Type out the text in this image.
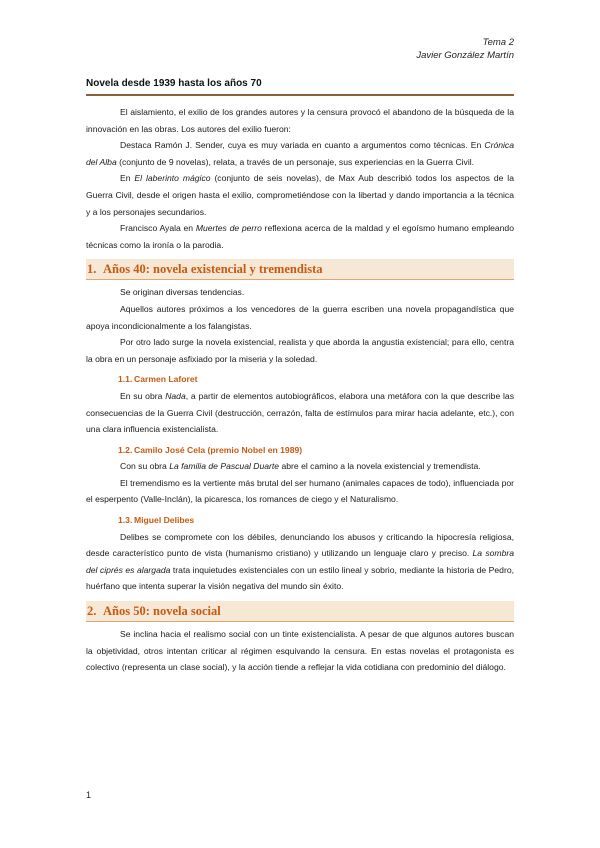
Tema 2
Javier González Martín
Novela desde 1939 hasta los años 70

El aislamiento, el exilio de los grandes autores y la censura provocó el abandono de la búsqueda de la innovación en las obras. Los autores del exilio fueron:

Destaca Ramón J. Sender, cuya es muy variada en cuanto a argumentos como técnicas. En Crónica del Alba (conjunto de 9 novelas), relata, a través de un personaje, sus experiencias en la Guerra Civil.

En El laberinto mágico (conjunto de seis novelas), de Max Aub describió todos los aspectos de la Guerra Civil, desde el origen hasta el exilio, comprometiéndose con la libertad y dando importancia a la técnica y a los personajes secundarios.

Francisco Ayala en Muertes de perro reflexiona acerca de la maldad y el egoísmo humano empleando técnicas como la ironía o la parodia.

1. Años 40: novela existencial y tremendista

Se originan diversas tendencias.

Aquellos autores próximos a los vencedores de la guerra escriben una novela propagandística que apoya incondicionalmente a los falangistas.

Por otro lado surge la novela existencial, realista y que aborda la angustia existencial; para ello, centra la obra en un personaje asfixiado por la miseria y la soledad.

1.1. Carmen Laforet

En su obra Nada, a partir de elementos autobiográficos, elabora una metáfora con la que describe las consecuencias de la Guerra Civil (destrucción, cerrazón, falta de estímulos para mirar hacia adelante, etc.), con una clara influencia existencialista.

1.2. Camilo José Cela (premio Nobel en 1989)

Con su obra La familia de Pascual Duarte abre el camino a la novela existencial y tremendista.

El tremendismo es la vertiente más brutal del ser humano (animales capaces de todo), influenciada por el esperpento (Valle-Inclán), la picaresca, los romances de ciego y el Naturalismo.

1.3. Miguel Delibes

Delibes se compromete con los débiles, denunciando los abusos y criticando la hipocresía religiosa, desde característico punto de vista (humanismo cristiano) y utilizando un lenguaje claro y preciso. La sombra del ciprés es alargada trata inquietudes existenciales con un estilo lineal y sobrio, mediante la historia de Pedro, huérfano que intenta superar la visión negativa del mundo sin éxito.

2. Años 50: novela social

Se inclina hacia el realismo social con un tinte existencialista. A pesar de que algunos autores buscan la objetividad, otros intentan criticar al régimen esquivando la censura. En estas novelas el protagonista es colectivo (representa un clase social), y la acción tiende a reflejar la vida cotidiana con predominio del diálogo.

1
